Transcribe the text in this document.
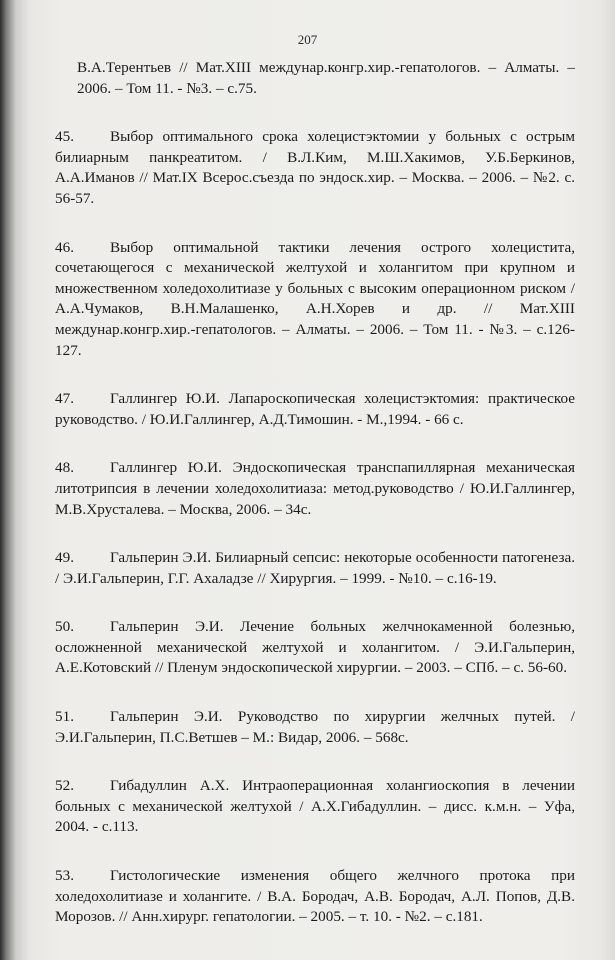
207
В.А.Терентьев // Мат.XIII междунар.конгр.хир.-гепатологов. – Алматы. – 2006. – Том 11. - №3. – с.75.
45. Выбор оптимального срока холецистэктомии у больных с острым билиарным панкреатитом. / В.Л.Ким, М.Ш.Хакимов, У.Б.Беркинов, А.А.Иманов // Мат.IX Всерос.съезда по эндоск.хир. – Москва. – 2006. – №2. с. 56-57.
46. Выбор оптимальной тактики лечения острого холецистита, сочетающегося с механической желтухой и холангитом при крупном и множественном холедохолитиазе у больных с высоким операционном риском / А.А.Чумаков, В.Н.Малашенко, А.Н.Хорев и др. // Мат.XIII междунар.конгр.хир.-гепатологов. – Алматы. – 2006. – Том 11. - №3. – с.126-127.
47. Галлингер Ю.И. Лапароскопическая холецистэктомия: практическое руководство. / Ю.И.Галлингер, А.Д.Тимошин. - М.,1994. - 66 с.
48. Галлингер Ю.И. Эндоскопическая транспапиллярная механическая литотрипсия в лечении холедохолитиаза: метод.руководство / Ю.И.Галлингер, М.В.Хрусталева. – Москва, 2006. – 34с.
49. Гальперин Э.И. Билиарный сепсис: некоторые особенности патогенеза. / Э.И.Гальперин, Г.Г. Ахаладзе // Хирургия. – 1999. - №10. – с.16-19.
50. Гальперин Э.И. Лечение больных желчнокаменной болезнью, осложненной механической желтухой и холангитом. / Э.И.Гальперин, А.Е.Котовский // Пленум эндоскопической хирургии. – 2003. – СПб. – с. 56-60.
51. Гальперин Э.И. Руководство по хирургии желчных путей. / Э.И.Гальперин, П.С.Ветшев – М.: Видар, 2006. – 568с.
52. Гибадуллин А.Х. Интраоперационная холангиоскопия в лечении больных с механической желтухой / А.Х.Гибадуллин. – дисс. к.м.н. – Уфа, 2004. - с.113.
53. Гистологические изменения общего желчного протока при холедохолитиазе и холангите. / В.А. Бородач, А.В. Бородач, А.Л. Попов, Д.В. Морозов. // Анн.хирург. гепатологии. – 2005. – т. 10. - №2. – с.181.
